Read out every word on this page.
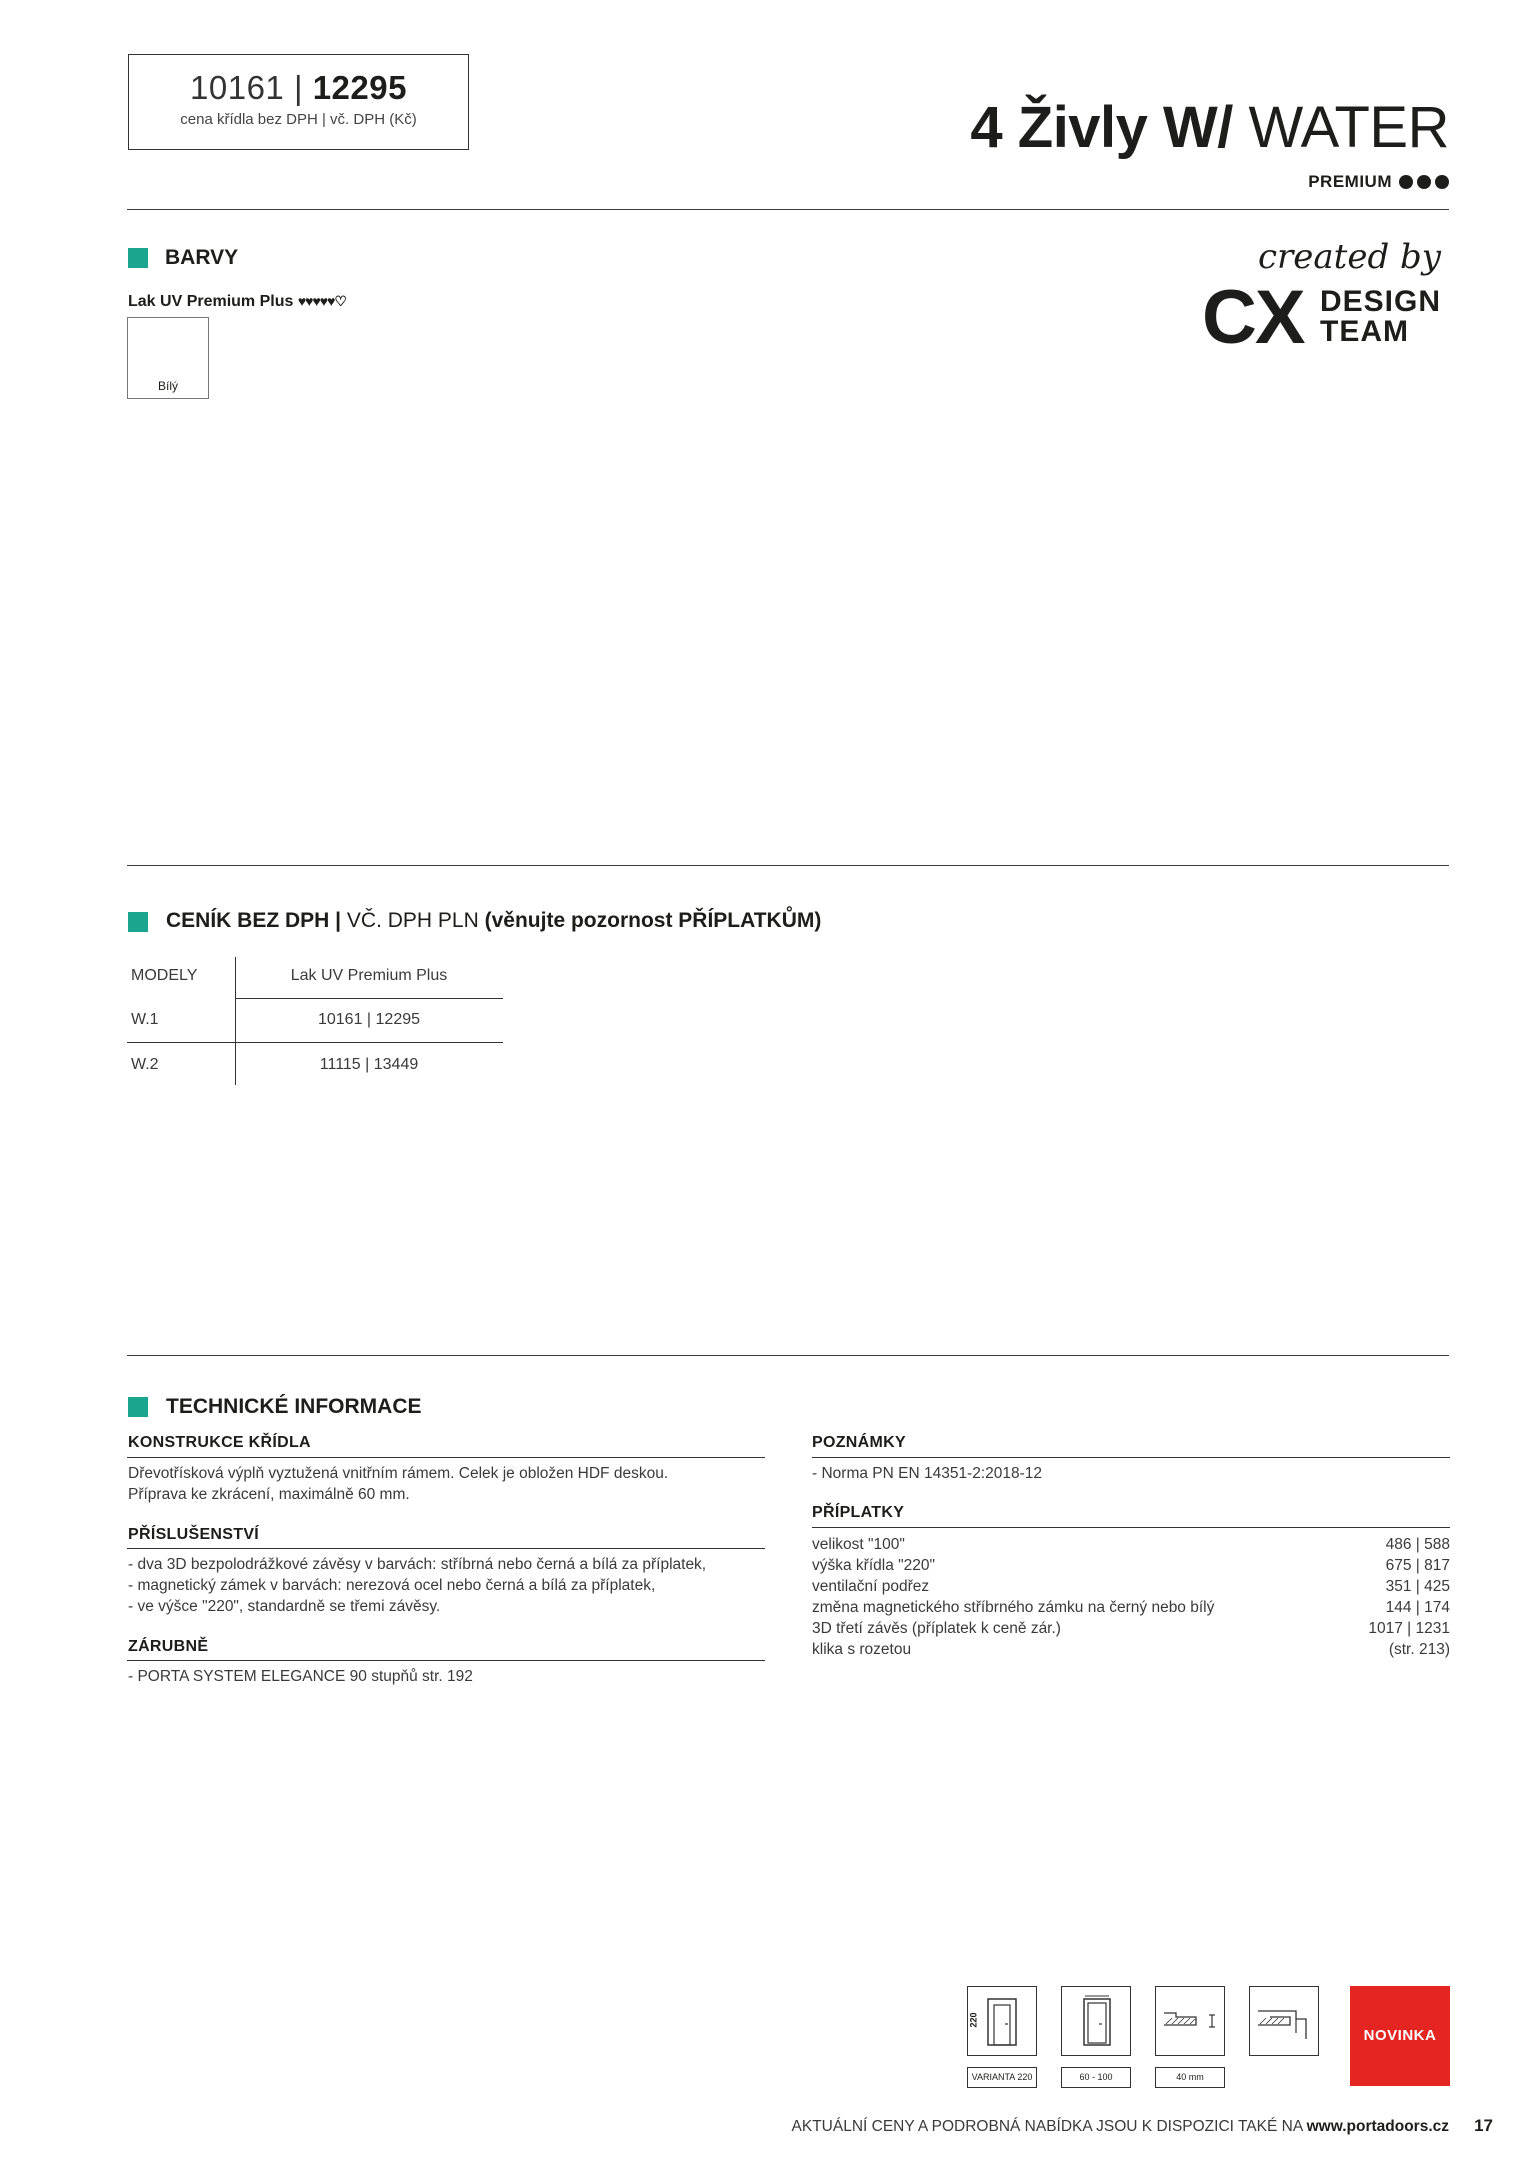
10161 | 12295
cena křídla bez DPH | vč. DPH (Kč)	4 Živly W/ WATER
PREMIUM
created by
CX DESIGN
TEAM
BARVY
Lak UV Premium Plus ♥♥♥♥♥♡
Bílý
CENÍK BEZ DPH | VČ. DPH PLN (věnujte pozornost PŘÍPLATKŮM)
MODELY	Lak UV Premium Plus
W.1	10161 | 12295
W.2	11115 | 13449
TECHNICKÉ INFORMACE
KONSTRUKCE KŘÍDLA
Dřevotřísková výplň vyztužená vnitřním rámem. Celek je obložen HDF deskou.
Příprava ke zkrácení, maximálně 60 mm.
PŘÍSLUŠENSTVÍ
- dva 3D bezpolodrážkové závěsy v barvách: stříbrná nebo černá a bílá za příplatek,
- magnetický zámek v barvách: nerezová ocel nebo černá a bílá za příplatek,
- ve výšce "220", standardně se třemi závěsy.
ZÁRUBNĚ
- PORTA SYSTEM ELEGANCE 90 stupňů str. 192
POZNÁMKY
- Norma PN EN 14351-2:2018-12
PŘÍPLATKY
velikost "100"	486 | 588
výška křídla "220"	675 | 817
ventilační podřez	351 | 425
změna magnetického stříbrného zámku na černý nebo bílý	144 | 174
3D třetí závěs (příplatek k ceně zár.)	1017 | 1231
klika s rozetou	(str. 213)
220
VARIANTA 220	60 - 100	40 mm
NOVINKA
AKTUÁLNÍ CENY A PODROBNÁ NABÍDKA JSOU K DISPOZICI TAKÉ NA www.portadoors.cz 17
